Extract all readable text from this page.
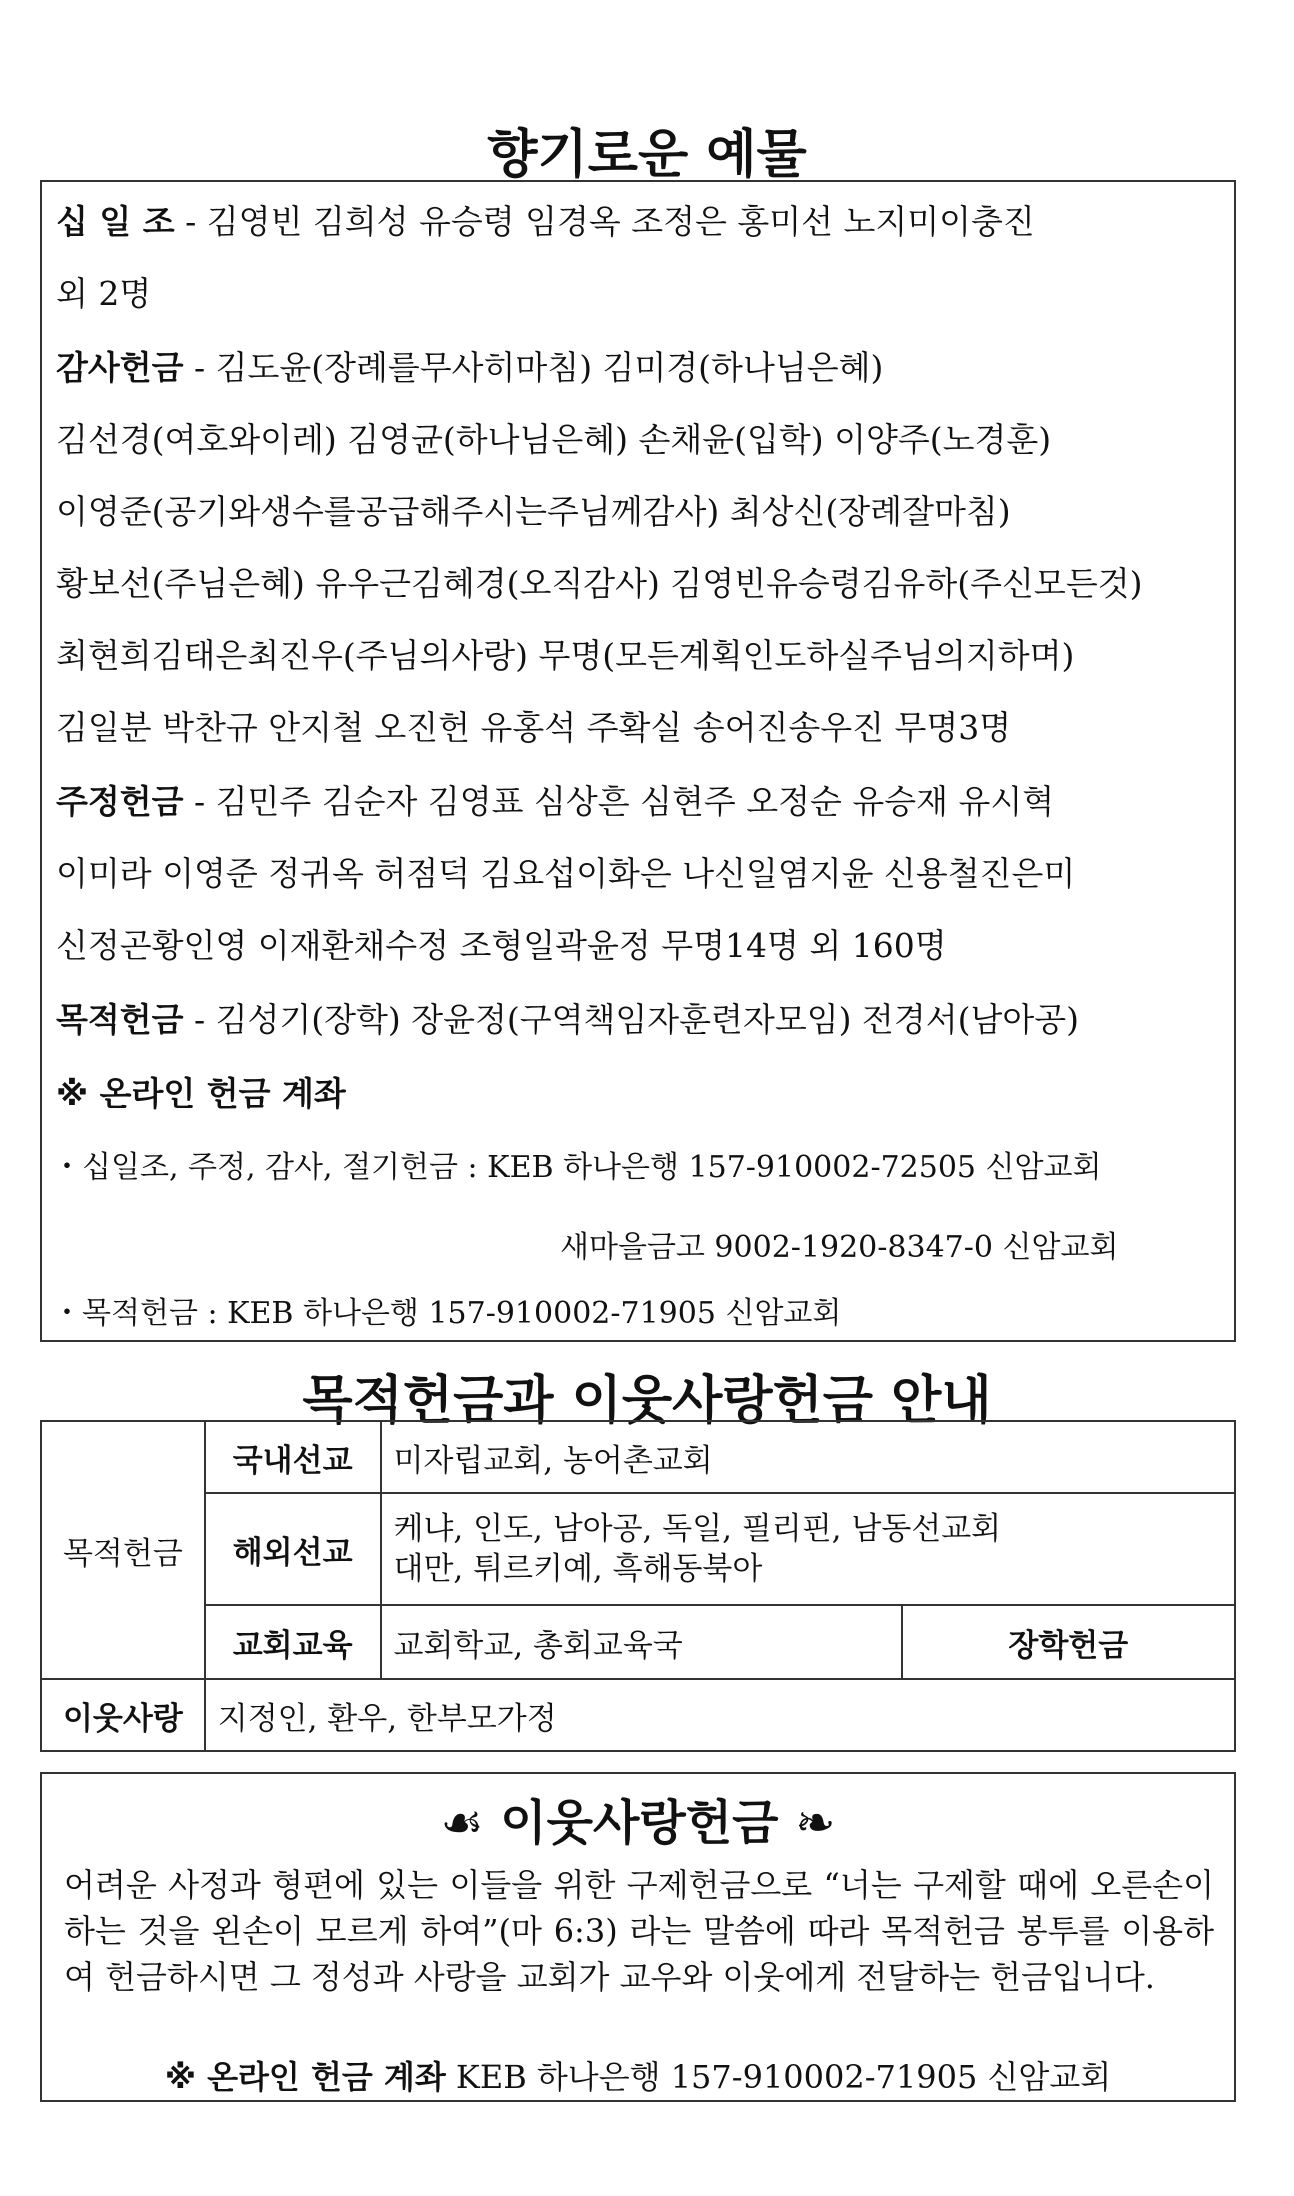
향기로운 예물
십 일 조 - 김영빈 김희성 유승령 임경옥 조정은 홍미선 노지미이충진
외 2명
감사헌금 - 김도윤(장례를무사히마침) 김미경(하나님은혜)
김선경(여호와이레) 김영균(하나님은혜) 손채윤(입학) 이양주(노경훈)
이영준(공기와생수를공급해주시는주님께감사) 최상신(장례잘마침)
황보선(주님은혜) 유우근김혜경(오직감사) 김영빈유승령김유하(주신모든것)
최현희김태은최진우(주님의사랑) 무명(모든계획인도하실주님의지하며)
김일분 박찬규 안지철 오진헌 유홍석 주확실 송어진송우진 무명3명
주정헌금 - 김민주 김순자 김영표 심상흔 심현주 오정순 유승재 유시혁
이미라 이영준 정귀옥 허점덕 김요섭이화은 나신일염지윤 신용철진은미
신정곤황인영 이재환채수정 조형일곽윤정 무명14명 외 160명
목적헌금 - 김성기(장학) 장윤정(구역책임자훈련자모임) 전경서(남아공)
※ 온라인 헌금 계좌
・십일조, 주정, 감사, 절기헌금 : KEB 하나은행 157-910002-72505 신암교회
새마을금고 9002-1920-8347-0 신암교회
・목적헌금 : KEB 하나은행 157-910002-71905 신암교회
목적헌금과 이웃사랑헌금 안내
목적헌금	국내선교	미자립교회, 농어촌교회	
	해외선교	케냐, 인도, 남아공, 독일, 필리핀, 남동선교회
대만, 튀르키예, 흑해동북아	

	교회교육	교회학교, 총회교육국	장학헌금
이웃사랑	지정인, 환우, 한부모가정		
☙ 이웃사랑헌금 ❧
어려운 사정과 형편에 있는 이들을 위한 구제헌금으로 “너는 구제할 때에 오른손이 하는 것을 왼손이 모르게 하여”(마 6:3) 라는 말씀에 따라 목적헌금 봉투를 이용하여 헌금하시면 그 정성과 사랑을 교회가 교우와 이웃에게 전달하는 헌금입니다.
※ 온라인 헌금 계좌 KEB 하나은행 157-910002-71905 신암교회
